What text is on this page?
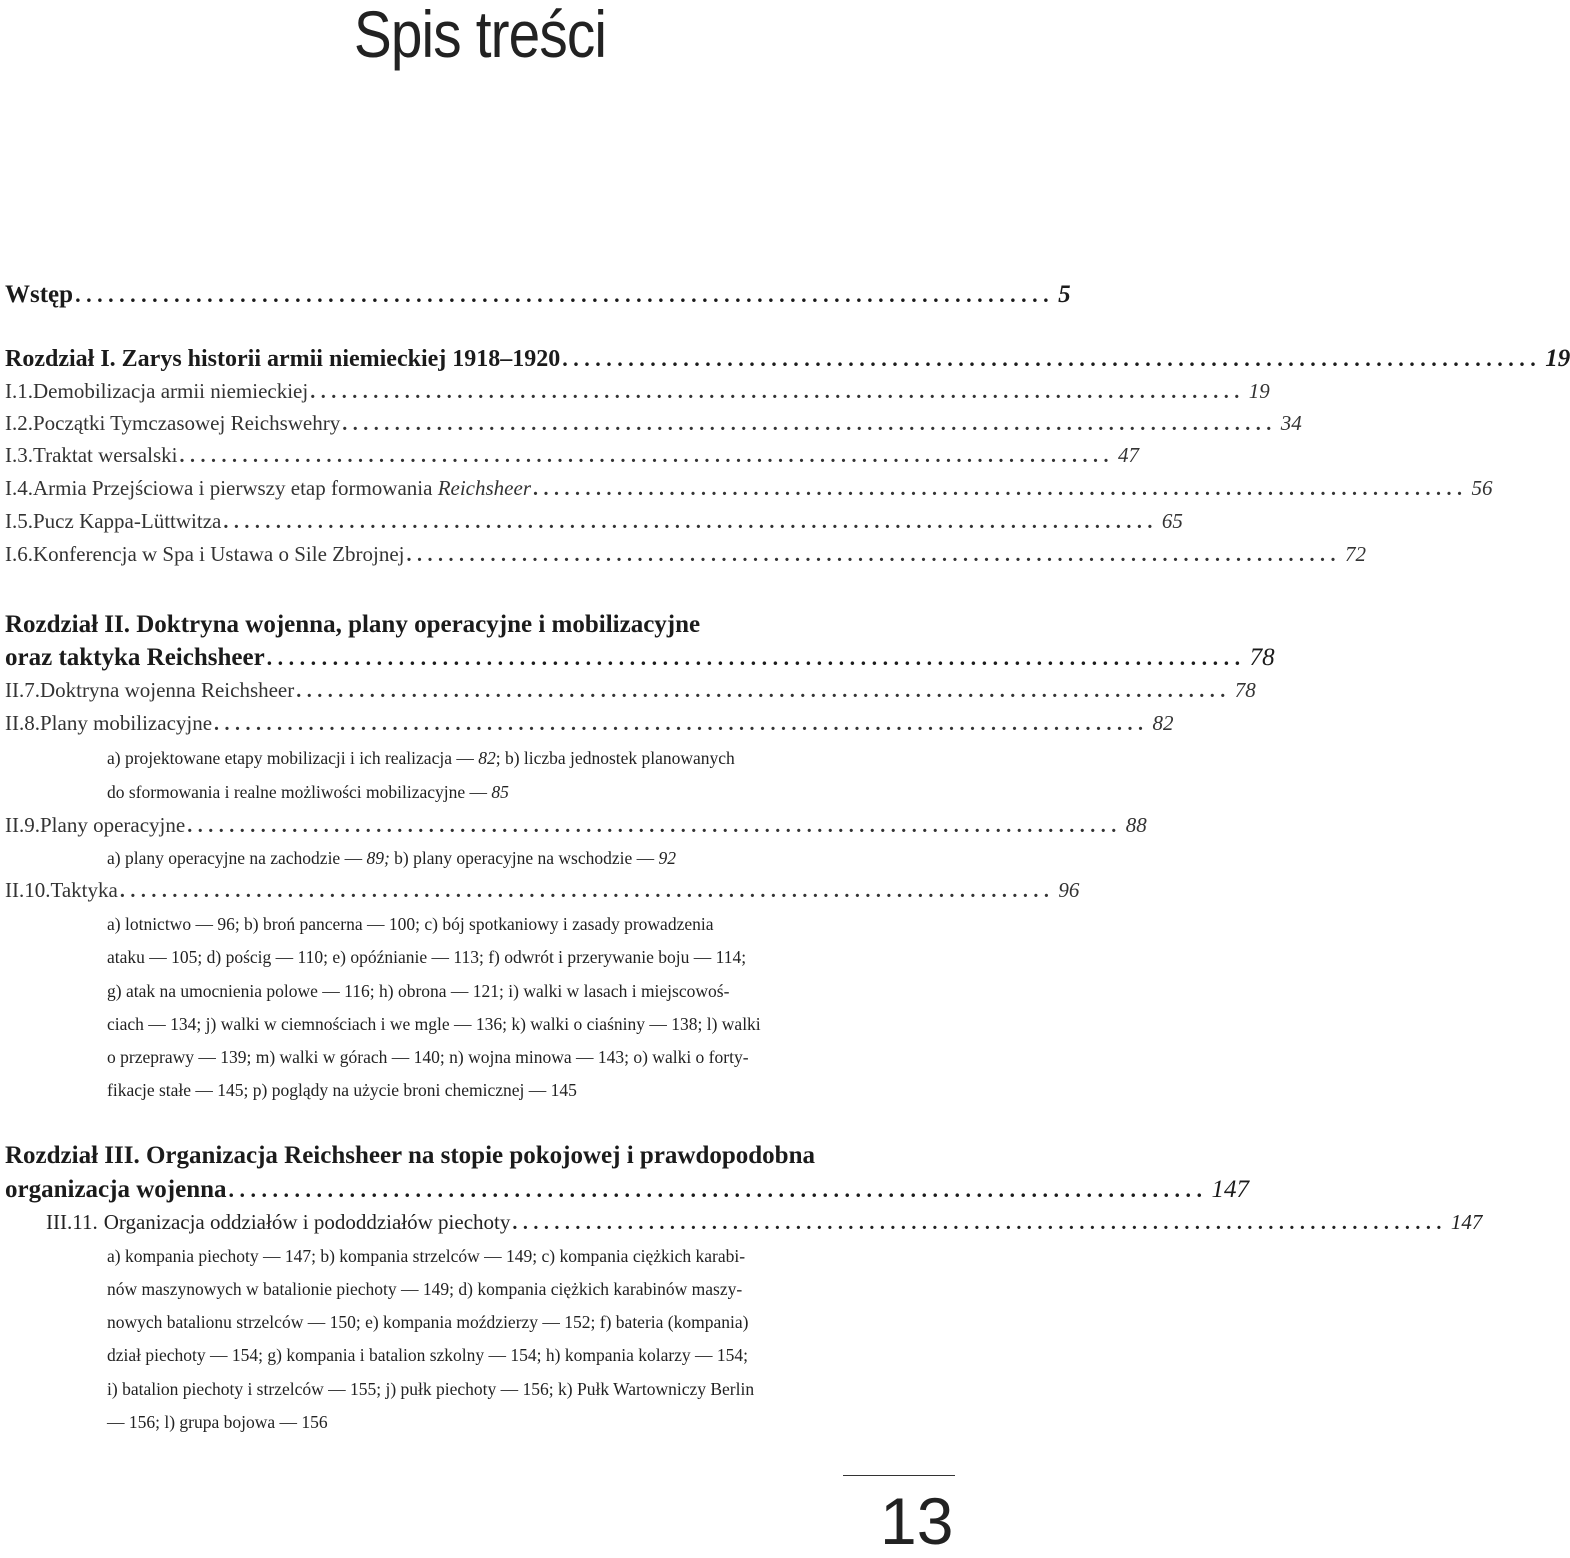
Spis treści
Wstęp ......................................................................................... 5
Rozdział I. Zarys historii armii niemieckiej 1918–1920 ......................................................................................... 19
I.1. Demobilizacja armii niemieckiej ......................................................................................... 19
I.2. Początki Tymczasowej Reichswehry ......................................................................................... 34
I.3. Traktat wersalski ......................................................................................... 47
I.4. Armia Przejściowa i pierwszy etap formowania Reichsheer ......................................................................................... 56
I.5. Pucz Kappa-Lüttwitza ......................................................................................... 65
I.6. Konferencja w Spa i Ustawa o Sile Zbrojnej ......................................................................................... 72
Rozdział II. Doktryna wojenna, plany operacyjne i mobilizacyjne
oraz taktyka Reichsheer ......................................................................................... 78
II.7. Doktryna wojenna Reichsheer ......................................................................................... 78
II.8. Plany mobilizacyjne ......................................................................................... 82
a) projektowane etapy mobilizacji i ich realizacja — 82; b) liczba jednostek planowanych
do sformowania i realne możliwości mobilizacyjne — 85
II.9. Plany operacyjne ......................................................................................... 88
a) plany operacyjne na zachodzie — 89; b) plany operacyjne na wschodzie — 92
II.10. Taktyka ......................................................................................... 96
a) lotnictwo — 96; b) broń pancerna — 100; c) bój spotkaniowy i zasady prowadzenia
ataku — 105; d) pościg — 110; e) opóźnianie — 113; f) odwrót i przerywanie boju — 114;
g) atak na umocnienia polowe — 116; h) obrona — 121; i) walki w lasach i miejscowoś-
ciach — 134; j) walki w ciemnościach i we mgle — 136; k) walki o ciaśniny — 138; l) walki
o przeprawy — 139; m) walki w górach — 140; n) wojna minowa — 143; o) walki o forty-
fikacje stałe — 145; p) poglądy na użycie broni chemicznej — 145
Rozdział III. Organizacja Reichsheer na stopie pokojowej i prawdopodobna
organizacja wojenna ......................................................................................... 147
III.11. Organizacja oddziałów i pododdziałów piechoty ......................................................................................... 147
a) kompania piechoty — 147; b) kompania strzelców — 149; c) kompania ciężkich karabi-
nów maszynowych w batalionie piechoty — 149; d) kompania ciężkich karabinów maszy-
nowych batalionu strzelców — 150; e) kompania moździerzy — 152; f) bateria (kompania)
dział piechoty — 154; g) kompania i batalion szkolny — 154; h) kompania kolarzy — 154;
i) batalion piechoty i strzelców — 155; j) pułk piechoty — 156; k) Pułk Wartowniczy Berlin
— 156; l) grupa bojowa — 156
13
